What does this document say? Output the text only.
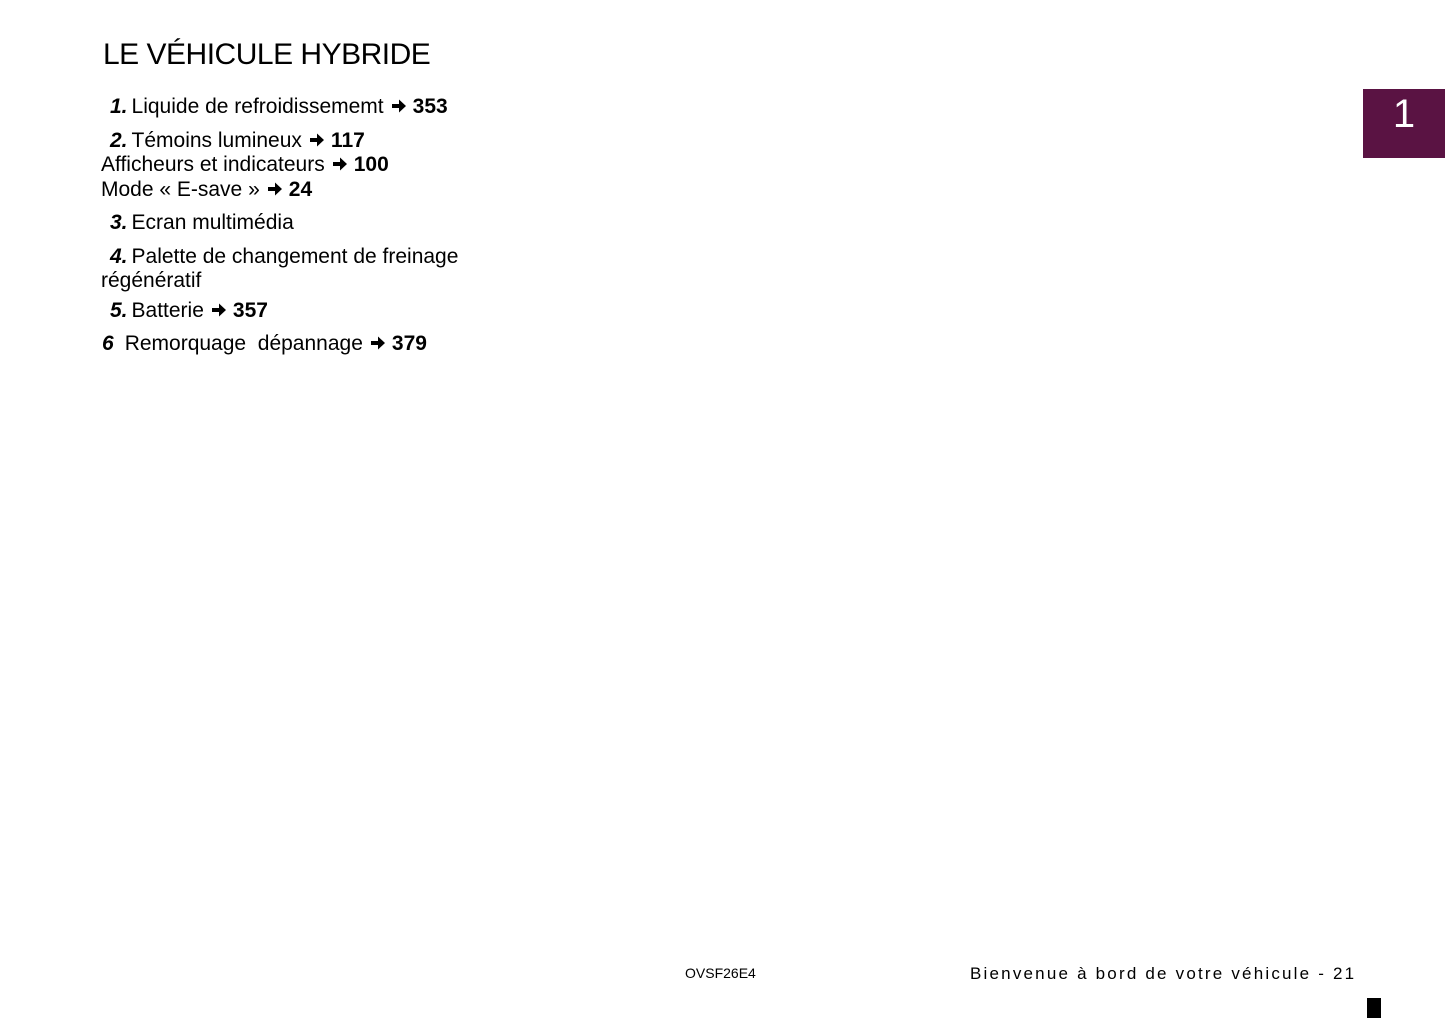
LE VÉHICULE HYBRIDE
1. Liquide de refroidissememt 353
2. Témoins lumineux 117
Afficheurs et indicateurs 100
Mode « E-save » 24
3. Ecran multimédia
4. Palette de changement de freinage régénératif
5. Batterie 357
6 Remorquage  dépannage 379
1
OVSF26E4	Bienvenue à bord de votre véhicule - 21
